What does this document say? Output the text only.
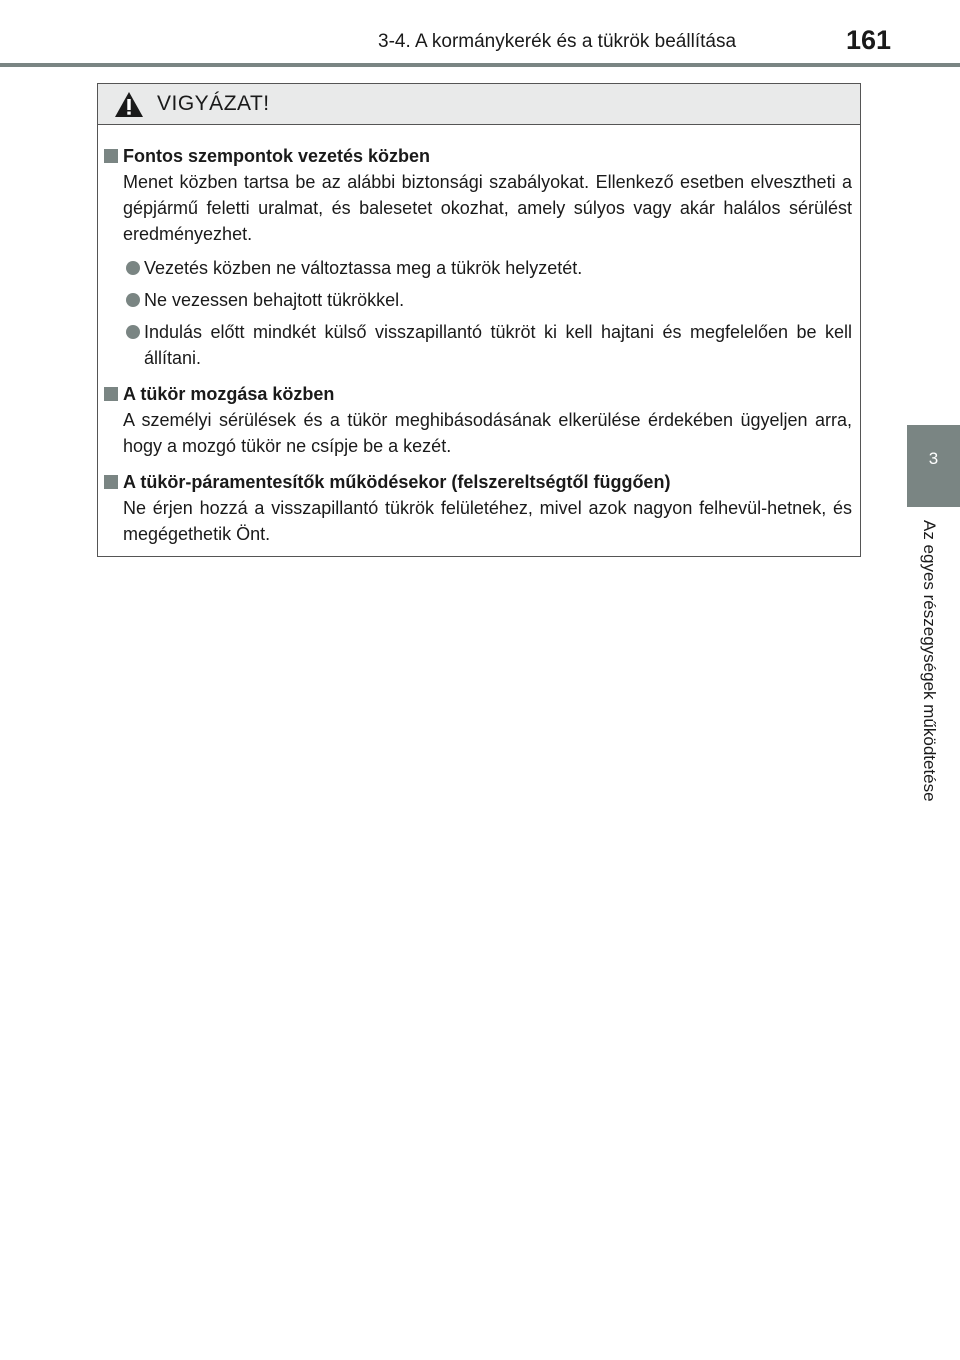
3-4. A kormánykerék és a tükrök beállítása	161
3
Az egyes részegységek működtetése
VIGYÁZAT!
Fontos szempontok vezetés közben
Menet közben tartsa be az alábbi biztonsági szabályokat. Ellenkező esetben elvesztheti a gépjármű feletti uralmat, és balesetet okozhat, amely súlyos vagy akár halálos sérülést eredményezhet.
Vezetés közben ne változtassa meg a tükrök helyzetét.
Ne vezessen behajtott tükrökkel.
Indulás előtt mindkét külső visszapillantó tükröt ki kell hajtani és megfelelően be kell állítani.
A tükör mozgása közben
A személyi sérülések és a tükör meghibásodásának elkerülése érdekében ügyeljen arra, hogy a mozgó tükör ne csípje be a kezét.
A tükör-páramentesítők működésekor (felszereltségtől függően)
Ne érjen hozzá a visszapillantó tükrök felületéhez, mivel azok nagyon felhevül-hetnek, és megégethetik Önt.
